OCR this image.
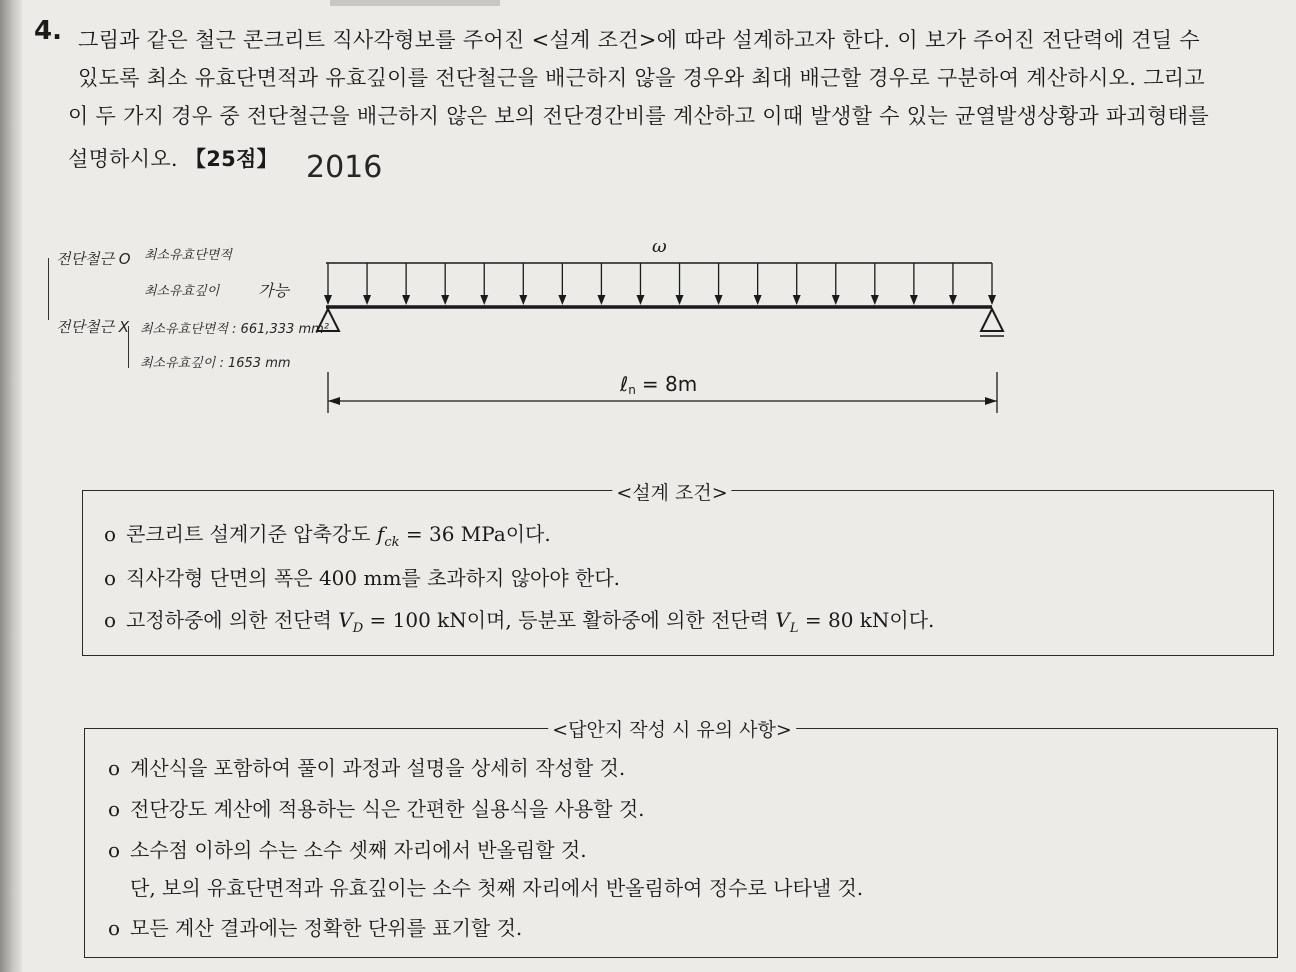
4. 그림과 같은 철근 콘크리트 직사각형보를 주어진 <설계 조건>에 따라 설계하고자 한다. 이 보가 주어진 전단력에 견딜 수
있도록 최소 유효단면적과 유효깊이를 전단철근을 배근하지 않을 경우와 최대 배근할 경우로 구분하여 계산하시오. 그리고
이 두 가지 경우 중 전단철근을 배근하지 않은 보의 전단경간비를 계산하고 이때 발생할 수 있는 균열발생상황과 파괴형태를
설명하시오. 【25점】 2016
전단철근 O 최소유효단면적
최소유효깊이 가능
전단철근 X 최소유효단면적 : 661,333 mm²
최소유효깊이 : 1653 mm
ω
ℓn = 8m
<설계 조건>
o 콘크리트 설계기준 압축강도 $f_{ck} = 36$ MPa이다.
o 직사각형 단면의 폭은 400 mm를 초과하지 않아야 한다.
o 고정하중에 의한 전단력 $V_D = 100$ kN이며, 등분포 활하중에 의한 전단력 $V_L = 80$ kN이다.
<답안지 작성 시 유의 사항>
o 계산식을 포함하여 풀이 과정과 설명을 상세히 작성할 것.
o 전단강도 계산에 적용하는 식은 간편한 실용식을 사용할 것.
o 소수점 이하의 수는 소수 셋째 자리에서 반올림할 것.
단, 보의 유효단면적과 유효깊이는 소수 첫째 자리에서 반올림하여 정수로 나타낼 것.
o 모든 계산 결과에는 정확한 단위를 표기할 것.
